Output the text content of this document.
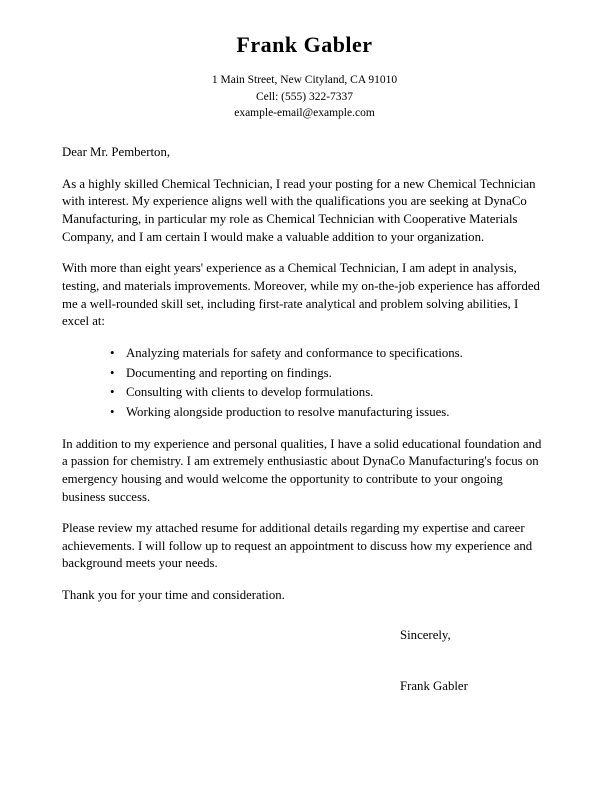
Frank Gabler
1 Main Street, New Cityland, CA 91010
Cell: (555) 322-7337
example-email@example.com

Dear Mr. Pemberton,

As a highly skilled Chemical Technician, I read your posting for a new Chemical Technician with interest. My experience aligns well with the qualifications you are seeking at DynaCo Manufacturing, in particular my role as Chemical Technician with Cooperative Materials Company, and I am certain I would make a valuable addition to your organization.

With more than eight years' experience as a Chemical Technician, I am adept in analysis, testing, and materials improvements. Moreover, while my on-the-job experience has afforded me a well-rounded skill set, including first-rate analytical and problem solving abilities, I excel at:

• Analyzing materials for safety and conformance to specifications.
• Documenting and reporting on findings.
• Consulting with clients to develop formulations.
• Working alongside production to resolve manufacturing issues.

In addition to my experience and personal qualities, I have a solid educational foundation and a passion for chemistry. I am extremely enthusiastic about DynaCo Manufacturing's focus on emergency housing and would welcome the opportunity to contribute to your ongoing business success.

Please review my attached resume for additional details regarding my expertise and career achievements. I will follow up to request an appointment to discuss how my experience and background meets your needs.

Thank you for your time and consideration.

Sincerely,

Frank Gabler
